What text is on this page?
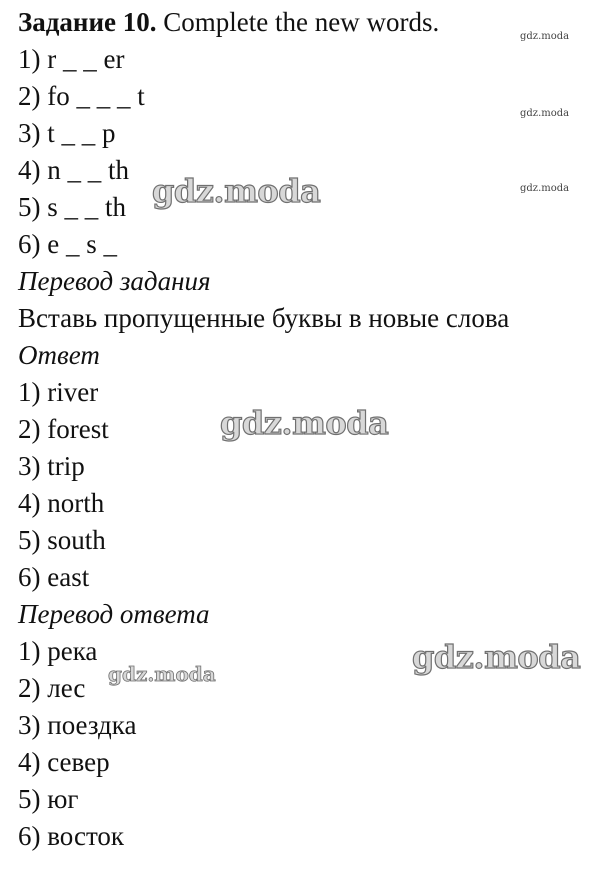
Задание 10. Complete the new words.
1) r _ _ er
2) fo _ _ _ t
3) t _ _ p
4) n _ _ th
5) s _ _ th
6) e _ s _
Перевод задания
Вставь пропущенные буквы в новые слова
Ответ
1) river
2) forest
3) trip
4) north
5) south
6) east
Перевод ответа
1) река
2) лес
3) поездка
4) север
5) юг
6) восток
gdz.moda
gdz.moda
gdz.moda
gdz.moda
gdz.moda
gdz.moda
gdz.moda
